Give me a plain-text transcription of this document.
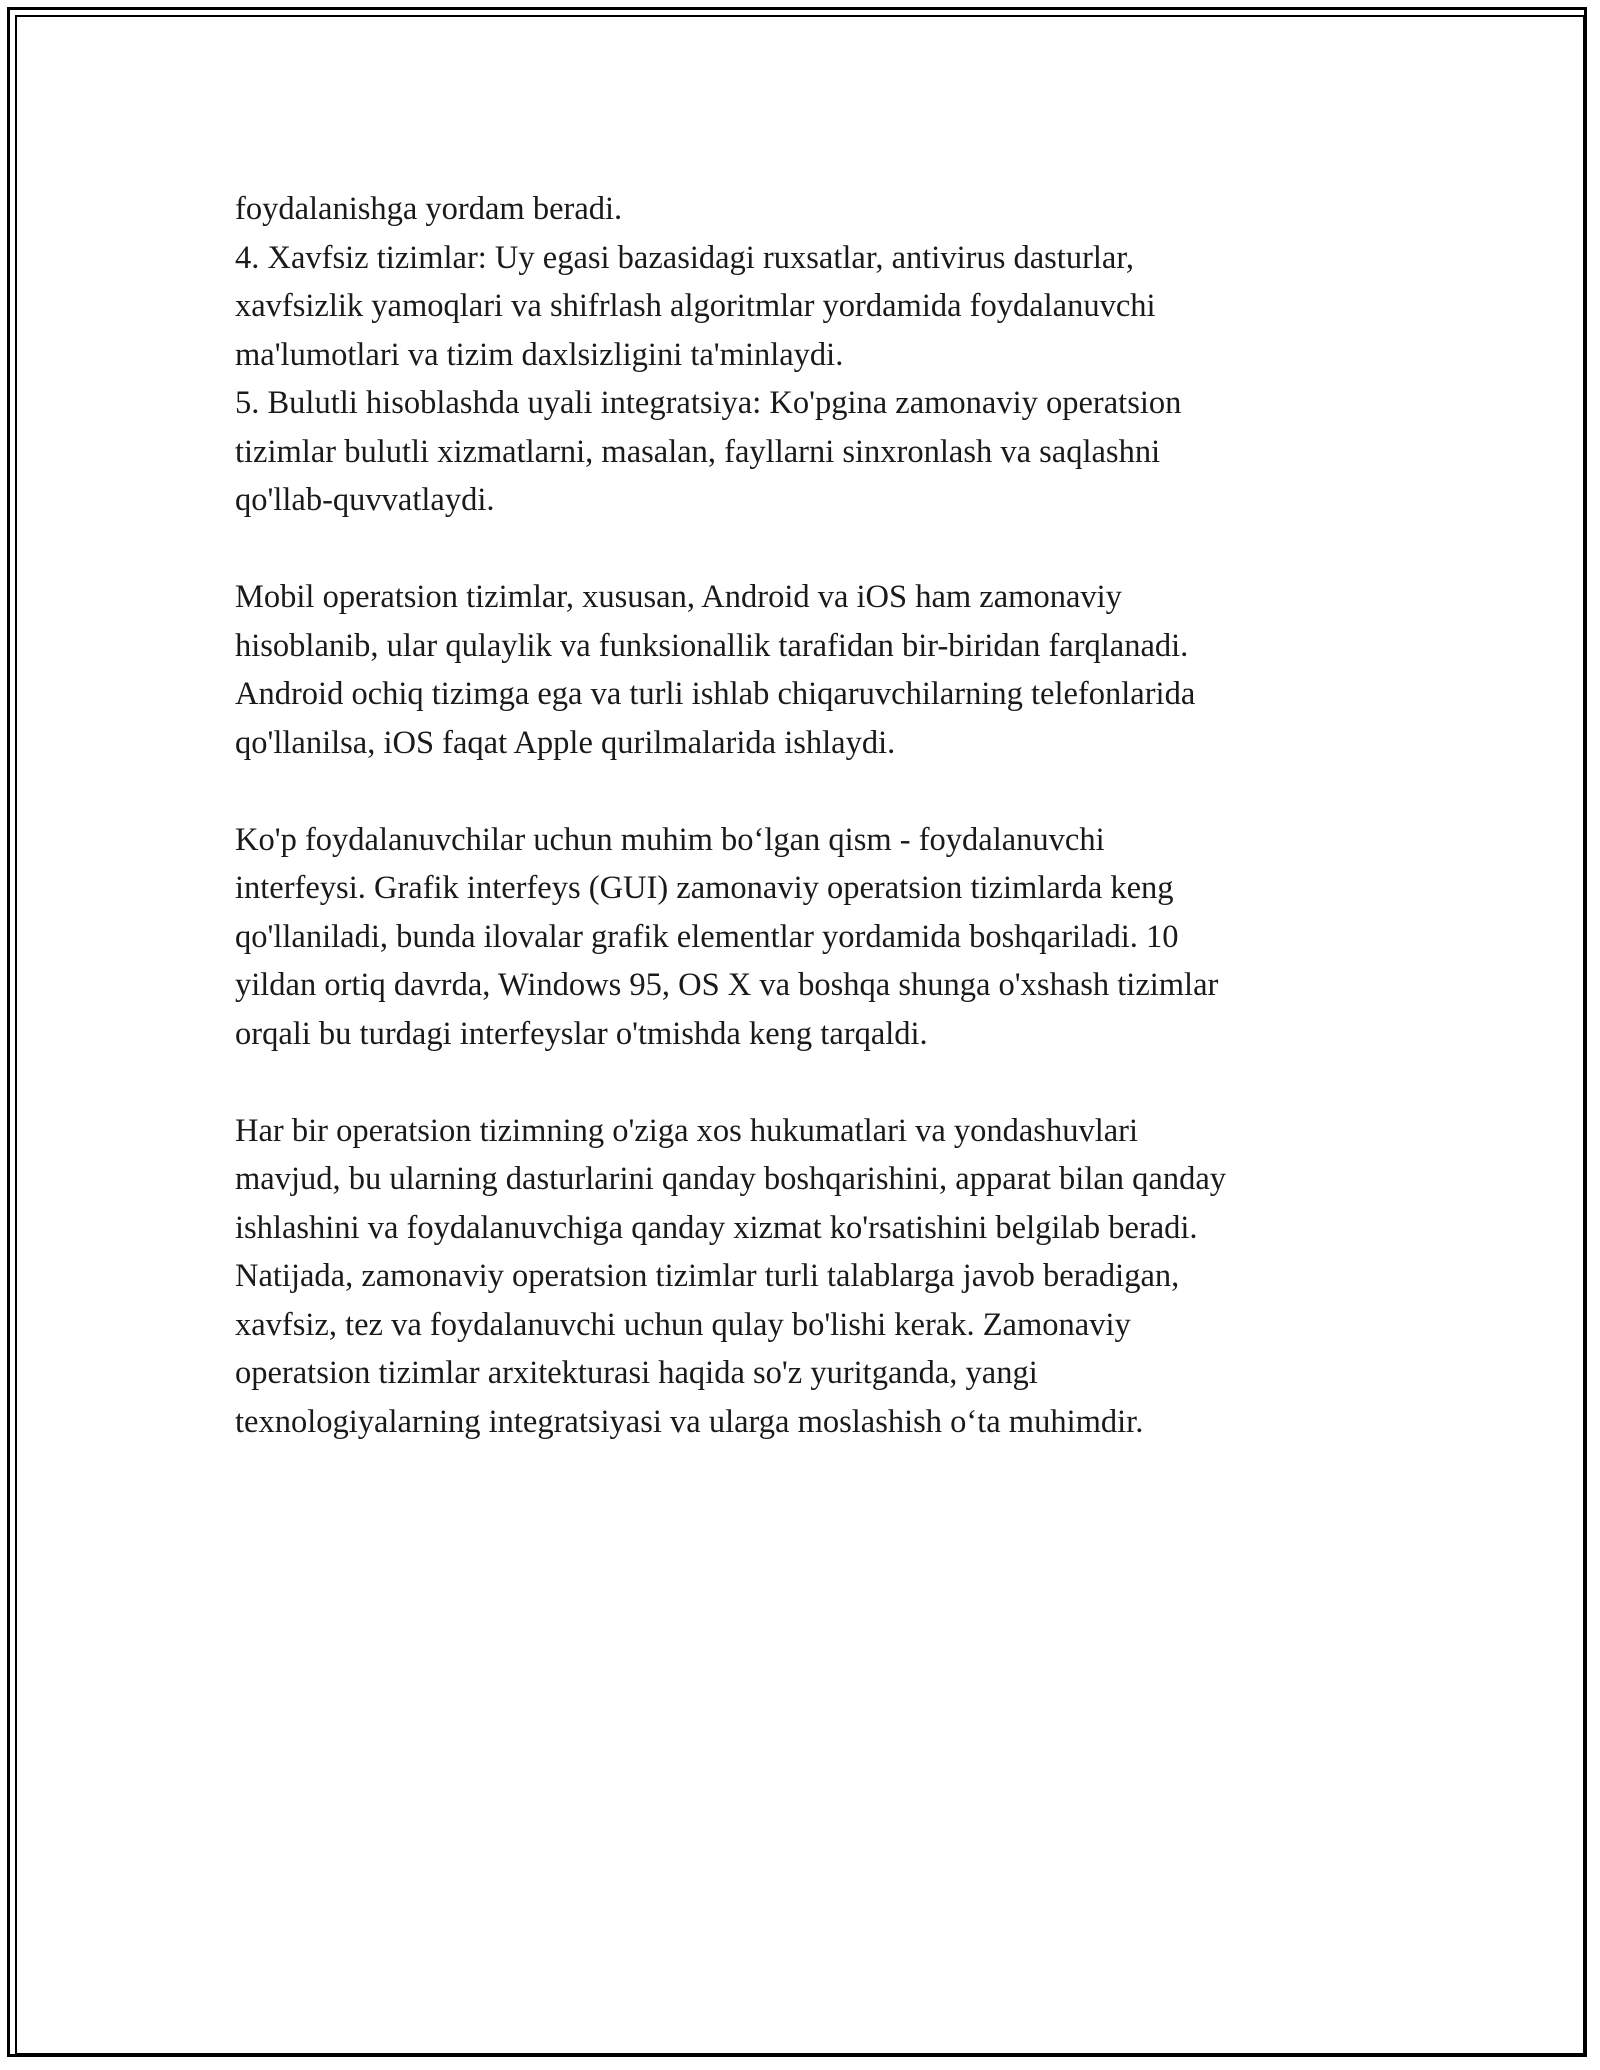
foydalanishga yordam beradi.
4. Xavfsiz tizimlar: Uy egasi bazasidagi ruxsatlar, antivirus dasturlar,
xavfsizlik yamoqlari va shifrlash algoritmlar yordamida foydalanuvchi
ma'lumotlari va tizim daxlsizligini ta'minlaydi.
5. Bulutli hisoblashda uyali integratsiya: Ko'pgina zamonaviy operatsion
tizimlar bulutli xizmatlarni, masalan, fayllarni sinxronlash va saqlashni
qo'llab-quvvatlaydi.

Mobil operatsion tizimlar, xususan, Android va iOS ham zamonaviy
hisoblanib, ular qulaylik va funksionallik tarafidan bir-biridan farqlanadi.
Android ochiq tizimga ega va turli ishlab chiqaruvchilarning telefonlarida
qo'llanilsa, iOS faqat Apple qurilmalarida ishlaydi.

Ko'p foydalanuvchilar uchun muhim bo‘lgan qism - foydalanuvchi
interfeysi. Grafik interfeys (GUI) zamonaviy operatsion tizimlarda keng
qo'llaniladi, bunda ilovalar grafik elementlar yordamida boshqariladi. 10
yildan ortiq davrda, Windows 95, OS X va boshqa shunga o'xshash tizimlar
orqali bu turdagi interfeyslar o'tmishda keng tarqaldi.

Har bir operatsion tizimning o'ziga xos hukumatlari va yondashuvlari
mavjud, bu ularning dasturlarini qanday boshqarishini, apparat bilan qanday
ishlashini va foydalanuvchiga qanday xizmat ko'rsatishini belgilab beradi.
Natijada, zamonaviy operatsion tizimlar turli talablarga javob beradigan,
xavfsiz, tez va foydalanuvchi uchun qulay bo'lishi kerak. Zamonaviy
operatsion tizimlar arxitekturasi haqida so'z yuritganda, yangi
texnologiyalarning integratsiyasi va ularga moslashish o‘ta muhimdir.
